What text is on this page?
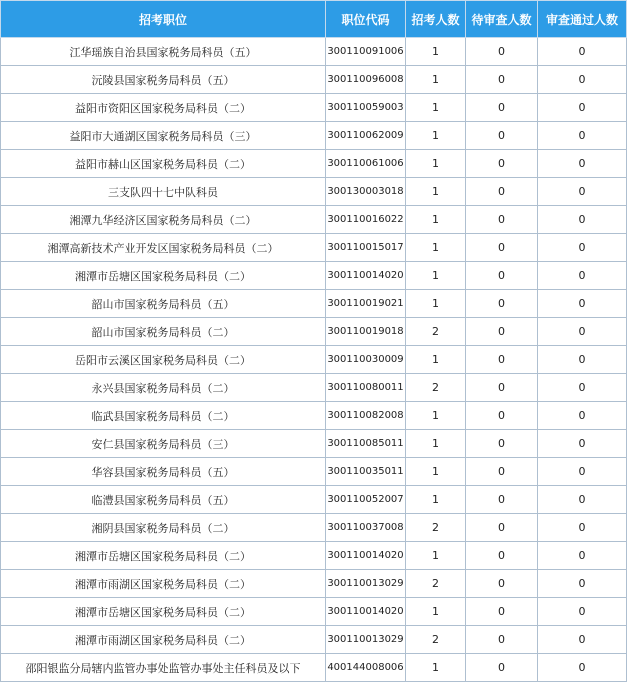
招考职位	职位代码	招考人数	待审查人数	审查通过人数
江华瑶族自治县国家税务局科员（五）	300110091006	1	0	0
沅陵县国家税务局科员（五）	300110096008	1	0	0
益阳市资阳区国家税务局科员（二）	300110059003	1	0	0
益阳市大通湖区国家税务局科员（三）	300110062009	1	0	0
益阳市赫山区国家税务局科员（二）	300110061006	1	0	0
三支队四十七中队科员	300130003018	1	0	0
湘潭九华经济区国家税务局科员（二）	300110016022	1	0	0
湘潭高新技术产业开发区国家税务局科员（二）	300110015017	1	0	0
湘潭市岳塘区国家税务局科员（二）	300110014020	1	0	0
韶山市国家税务局科员（五）	300110019021	1	0	0
韶山市国家税务局科员（二）	300110019018	2	0	0
岳阳市云溪区国家税务局科员（二）	300110030009	1	0	0
永兴县国家税务局科员（二）	300110080011	2	0	0
临武县国家税务局科员（二）	300110082008	1	0	0
安仁县国家税务局科员（三）	300110085011	1	0	0
华容县国家税务局科员（五）	300110035011	1	0	0
临澧县国家税务局科员（五）	300110052007	1	0	0
湘阴县国家税务局科员（二）	300110037008	2	0	0
湘潭市岳塘区国家税务局科员（二）	300110014020	1	0	0
湘潭市雨湖区国家税务局科员（二）	300110013029	2	0	0
湘潭市岳塘区国家税务局科员（二）	300110014020	1	0	0
湘潭市雨湖区国家税务局科员（二）	300110013029	2	0	0
邵阳银监分局辖内监管办事处监管办事处主任科员及以下	400144008006	1	0	0
